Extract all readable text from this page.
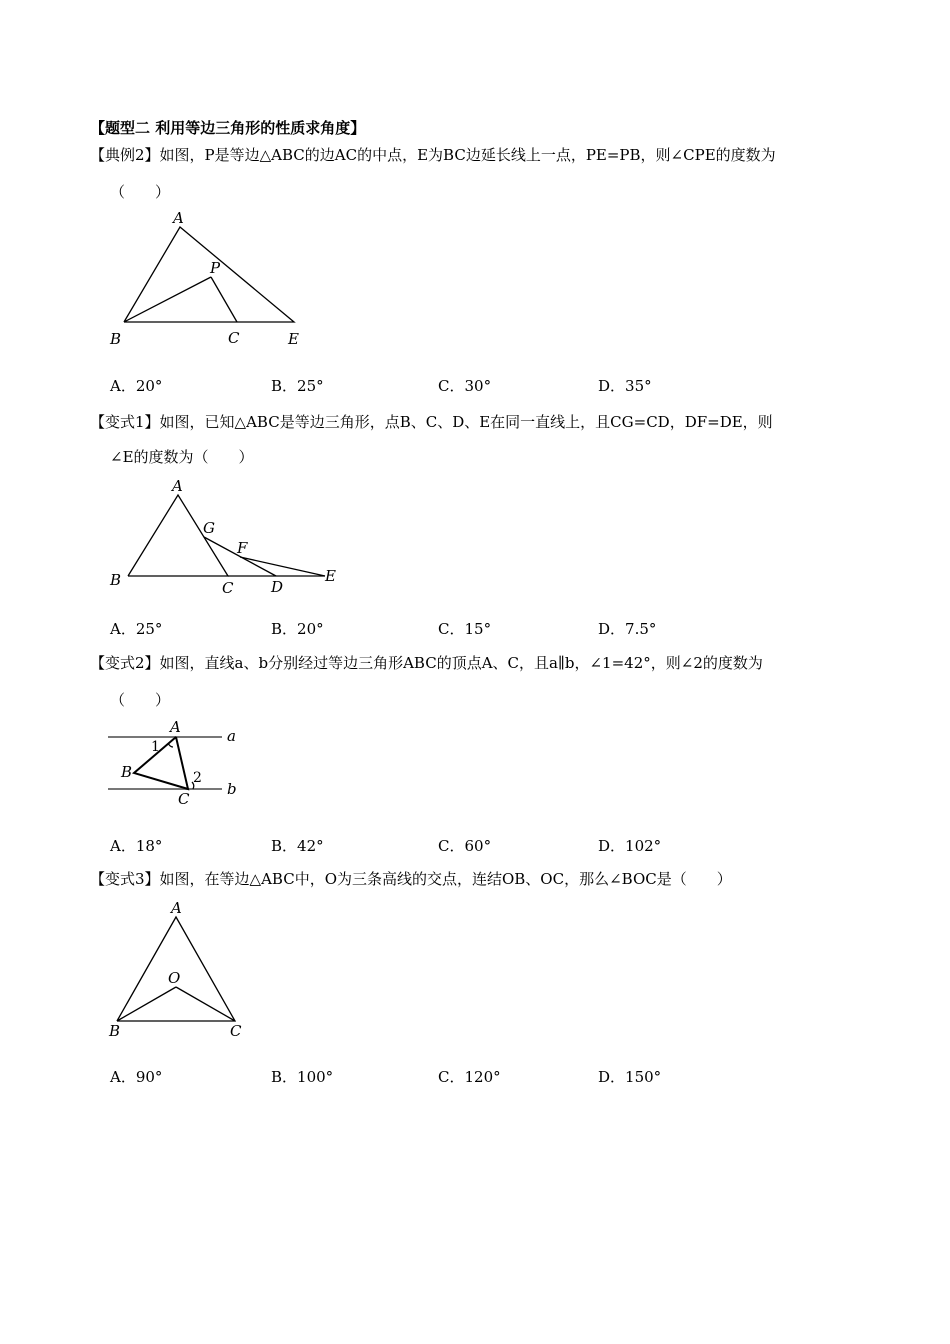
【题型二 利用等边三角形的性质求角度】
【典例2】如图，P是等边△ABC的边AC的中点，E为BC边延长线上一点，PE=PB，则∠CPE的度数为
（　　）
A
P
B	C	E
A．20°	B．25°	C．30°	D．35°
【变式1】如图，已知△ABC是等边三角形，点B、C、D、E在同一直线上，且CG=CD，DF=DE，则
∠E的度数为（　　）
A
G
F
B	C	D
E
A．25°	B．20°	C．15°	D．7.5°
【变式2】如图，直线a、b分别经过等边三角形ABC的顶点A、C，且a∥b，∠1=42°，则∠2的度数为
（　　）
A	a
1
B	2
C
b
A．18°	B．42°	C．60°	D．102°
【变式3】如图，在等边△ABC中，O为三条高线的交点，连结OB、OC，那么∠BOC是（　　）
A
O
B	C
A．90°	B．100°	C．120°	D．150°
